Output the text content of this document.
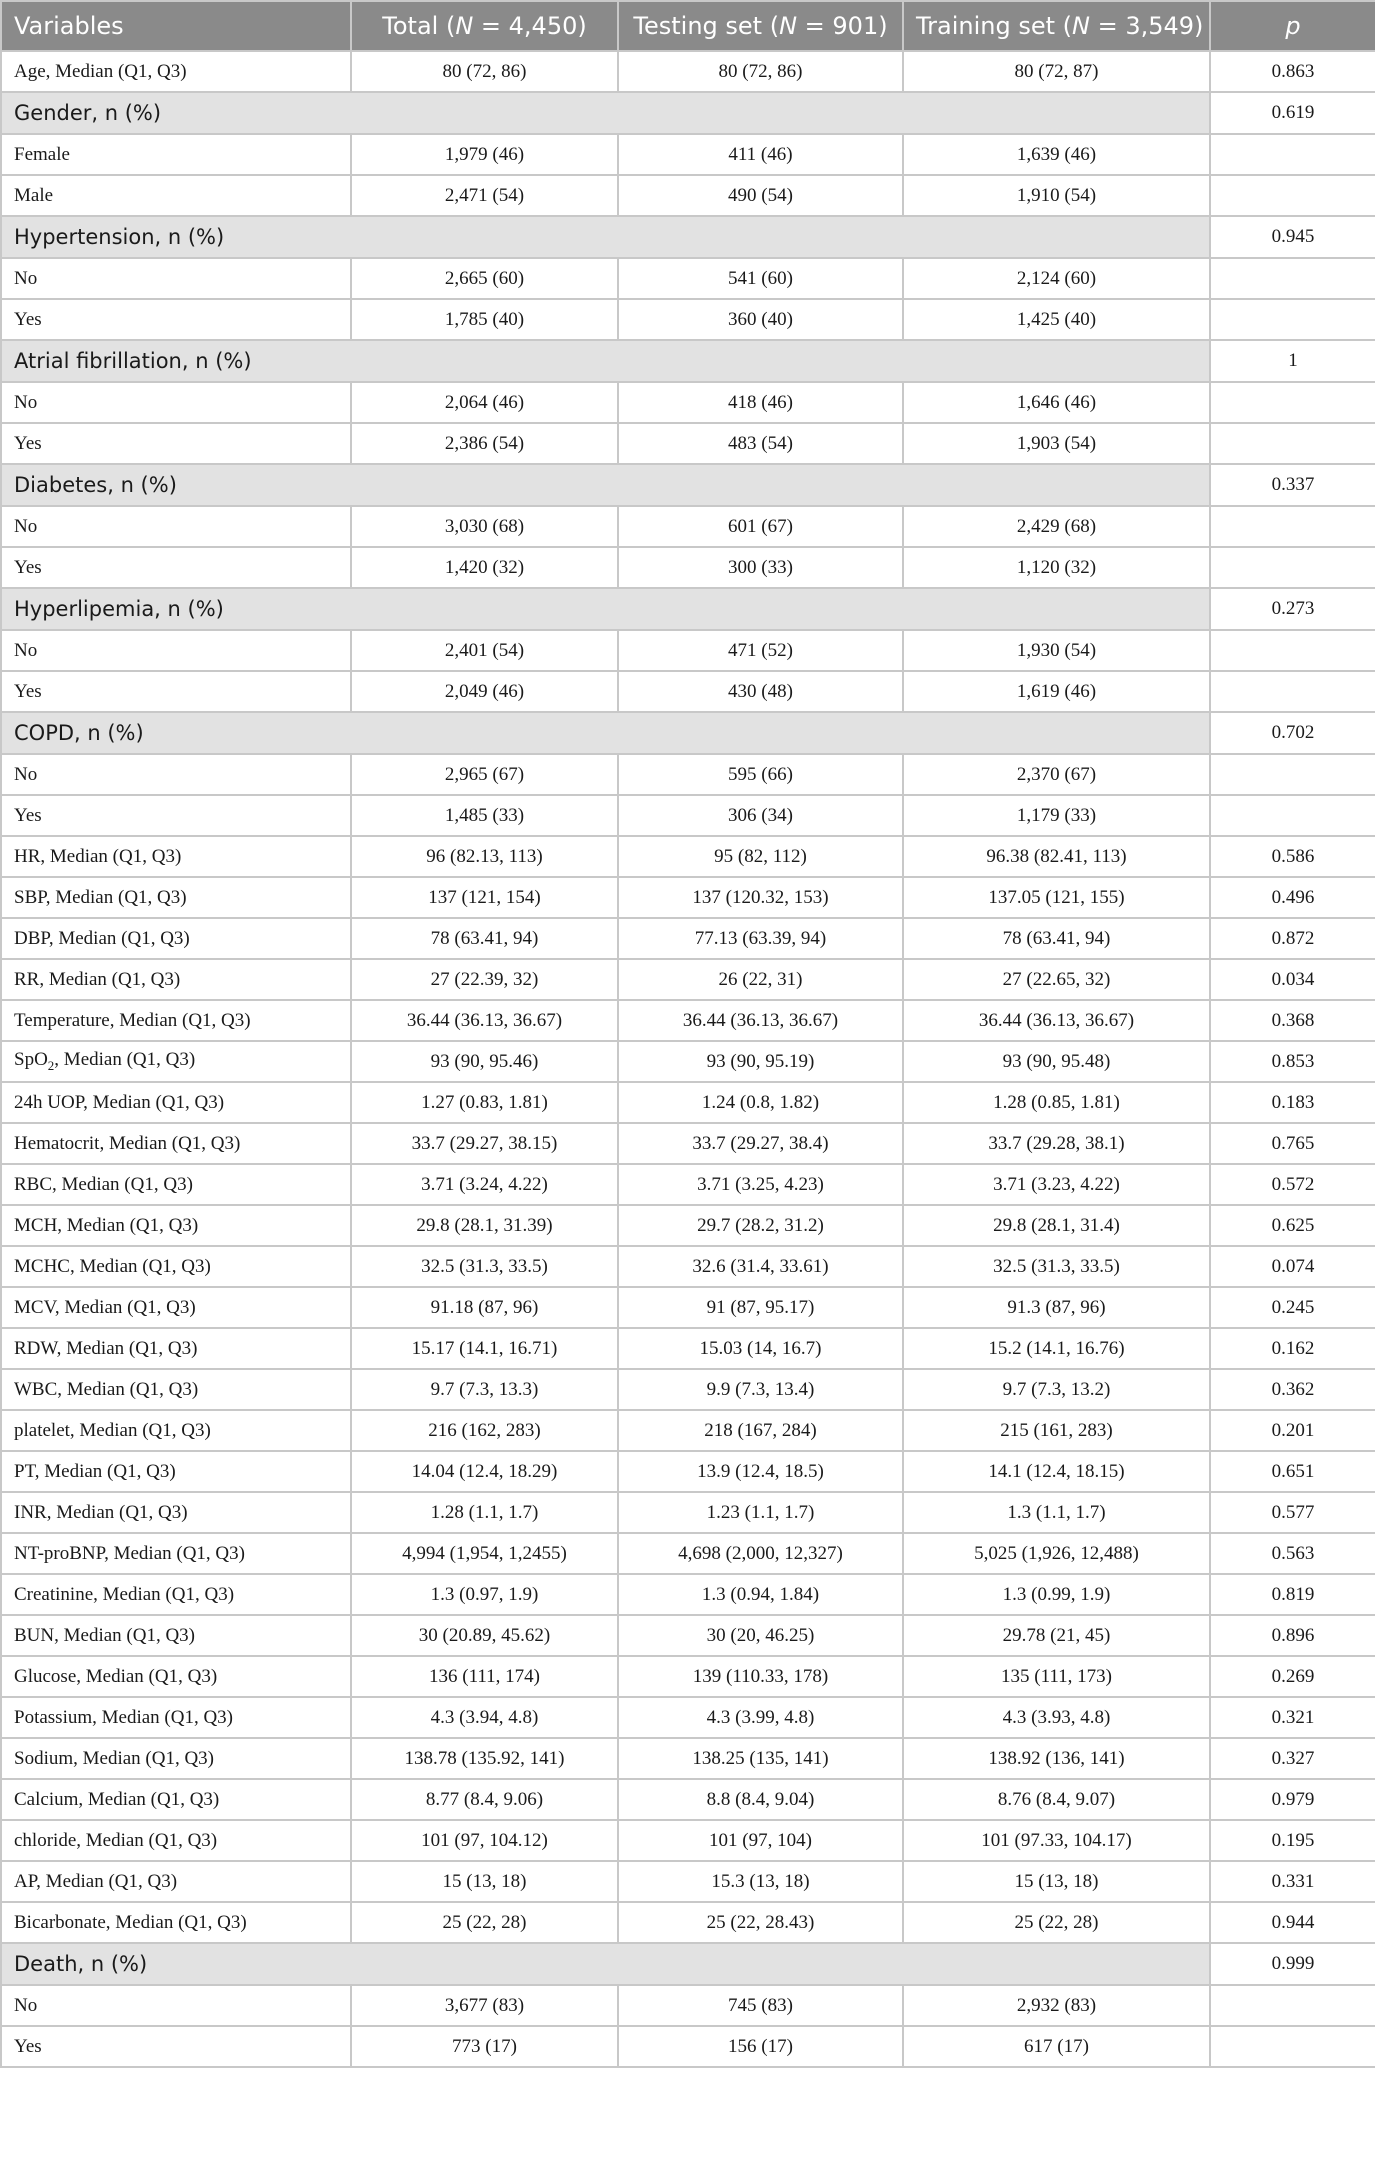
Variables	Total (N = 4,450)	Testing set (N = 901)	Training set (N = 3,549)	p
Age, Median (Q1, Q3)	80 (72, 86)	80 (72, 86)	80 (72, 87)	0.863
Gender, n (%)				0.619
Female	1,979 (46)	411 (46)	1,639 (46)	
Male	2,471 (54)	490 (54)	1,910 (54)	
Hypertension, n (%)				0.945
No	2,665 (60)	541 (60)	2,124 (60)	
Yes	1,785 (40)	360 (40)	1,425 (40)	
Atrial fibrillation, n (%)				1
No	2,064 (46)	418 (46)	1,646 (46)	
Yes	2,386 (54)	483 (54)	1,903 (54)	
Diabetes, n (%)				0.337
No	3,030 (68)	601 (67)	2,429 (68)	
Yes	1,420 (32)	300 (33)	1,120 (32)	
Hyperlipemia, n (%)				0.273
No	2,401 (54)	471 (52)	1,930 (54)	
Yes	2,049 (46)	430 (48)	1,619 (46)	
COPD, n (%)				0.702
No	2,965 (67)	595 (66)	2,370 (67)	
Yes	1,485 (33)	306 (34)	1,179 (33)	
HR, Median (Q1, Q3)	96 (82.13, 113)	95 (82, 112)	96.38 (82.41, 113)	0.586
SBP, Median (Q1, Q3)	137 (121, 154)	137 (120.32, 153)	137.05 (121, 155)	0.496
DBP, Median (Q1, Q3)	78 (63.41, 94)	77.13 (63.39, 94)	78 (63.41, 94)	0.872
RR, Median (Q1, Q3)	27 (22.39, 32)	26 (22, 31)	27 (22.65, 32)	0.034
Temperature, Median (Q1, Q3)	36.44 (36.13, 36.67)	36.44 (36.13, 36.67)	36.44 (36.13, 36.67)	0.368
SpO$_2$, Median (Q1, Q3)	93 (90, 95.46)	93 (90, 95.19)	93 (90, 95.48)	0.853
24h UOP, Median (Q1, Q3)	1.27 (0.83, 1.81)	1.24 (0.8, 1.82)	1.28 (0.85, 1.81)	0.183
Hematocrit, Median (Q1, Q3)	33.7 (29.27, 38.15)	33.7 (29.27, 38.4)	33.7 (29.28, 38.1)	0.765
RBC, Median (Q1, Q3)	3.71 (3.24, 4.22)	3.71 (3.25, 4.23)	3.71 (3.23, 4.22)	0.572
MCH, Median (Q1, Q3)	29.8 (28.1, 31.39)	29.7 (28.2, 31.2)	29.8 (28.1, 31.4)	0.625
MCHC, Median (Q1, Q3)	32.5 (31.3, 33.5)	32.6 (31.4, 33.61)	32.5 (31.3, 33.5)	0.074
MCV, Median (Q1, Q3)	91.18 (87, 96)	91 (87, 95.17)	91.3 (87, 96)	0.245
RDW, Median (Q1, Q3)	15.17 (14.1, 16.71)	15.03 (14, 16.7)	15.2 (14.1, 16.76)	0.162
WBC, Median (Q1, Q3)	9.7 (7.3, 13.3)	9.9 (7.3, 13.4)	9.7 (7.3, 13.2)	0.362
platelet, Median (Q1, Q3)	216 (162, 283)	218 (167, 284)	215 (161, 283)	0.201
PT, Median (Q1, Q3)	14.04 (12.4, 18.29)	13.9 (12.4, 18.5)	14.1 (12.4, 18.15)	0.651
INR, Median (Q1, Q3)	1.28 (1.1, 1.7)	1.23 (1.1, 1.7)	1.3 (1.1, 1.7)	0.577
NT-proBNP, Median (Q1, Q3)	4,994 (1,954, 1,2455)	4,698 (2,000, 12,327)	5,025 (1,926, 12,488)	0.563
Creatinine, Median (Q1, Q3)	1.3 (0.97, 1.9)	1.3 (0.94, 1.84)	1.3 (0.99, 1.9)	0.819
BUN, Median (Q1, Q3)	30 (20.89, 45.62)	30 (20, 46.25)	29.78 (21, 45)	0.896
Glucose, Median (Q1, Q3)	136 (111, 174)	139 (110.33, 178)	135 (111, 173)	0.269
Potassium, Median (Q1, Q3)	4.3 (3.94, 4.8)	4.3 (3.99, 4.8)	4.3 (3.93, 4.8)	0.321
Sodium, Median (Q1, Q3)	138.78 (135.92, 141)	138.25 (135, 141)	138.92 (136, 141)	0.327
Calcium, Median (Q1, Q3)	8.77 (8.4, 9.06)	8.8 (8.4, 9.04)	8.76 (8.4, 9.07)	0.979
chloride, Median (Q1, Q3)	101 (97, 104.12)	101 (97, 104)	101 (97.33, 104.17)	0.195
AP, Median (Q1, Q3)	15 (13, 18)	15.3 (13, 18)	15 (13, 18)	0.331
Bicarbonate, Median (Q1, Q3)	25 (22, 28)	25 (22, 28.43)	25 (22, 28)	0.944
Death, n (%)				0.999
No	3,677 (83)	745 (83)	2,932 (83)	
Yes	773 (17)	156 (17)	617 (17)	
